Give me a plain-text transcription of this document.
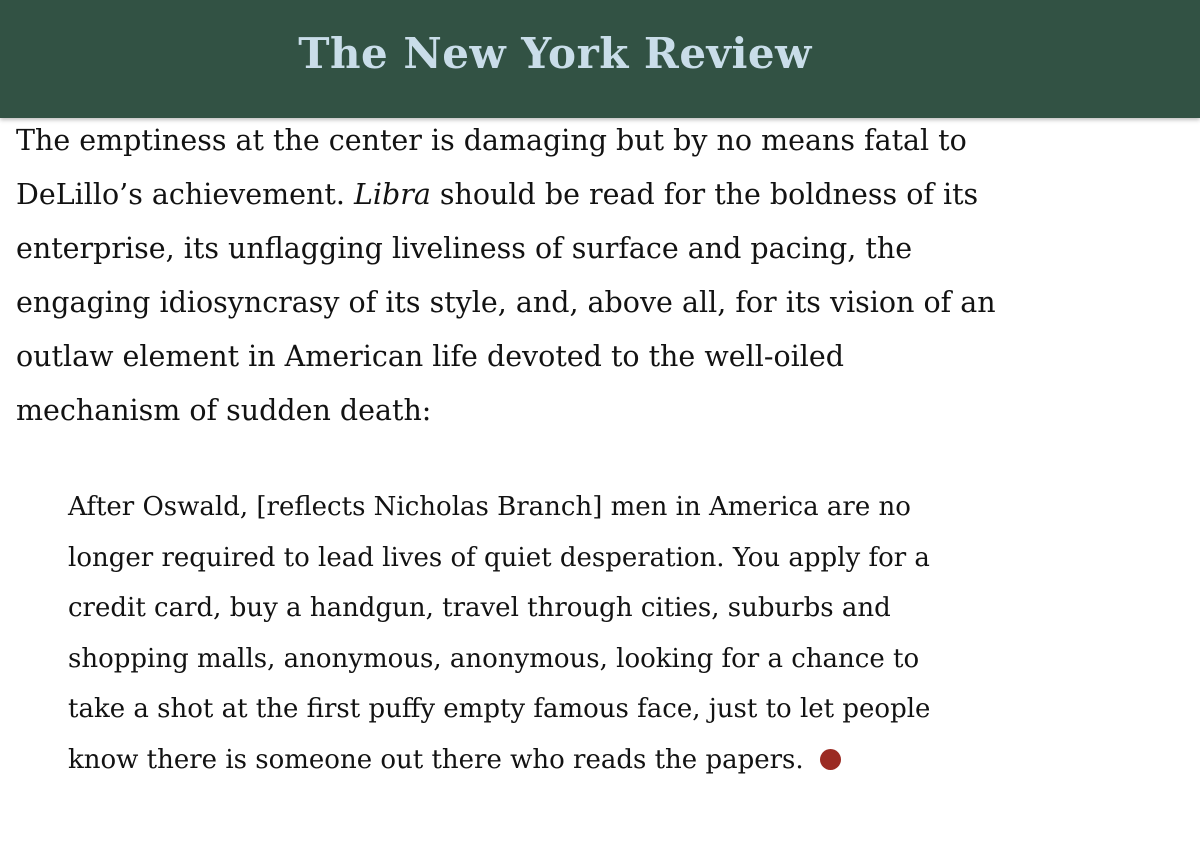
The New York Review

The emptiness at the center is damaging but by no means fatal to
DeLillo’s achievement. Libra should be read for the boldness of its
enterprise, its unflagging liveliness of surface and pacing, the
engaging idiosyncrasy of its style, and, above all, for its vision of an
outlaw element in American life devoted to the well-oiled
mechanism of sudden death:

After Oswald, [reflects Nicholas Branch] men in America are no
longer required to lead lives of quiet desperation. You apply for a
credit card, buy a handgun, travel through cities, suburbs and
shopping malls, anonymous, anonymous, looking for a chance to
take a shot at the first puffy empty famous face, just to let people
know there is someone out there who reads the papers.
